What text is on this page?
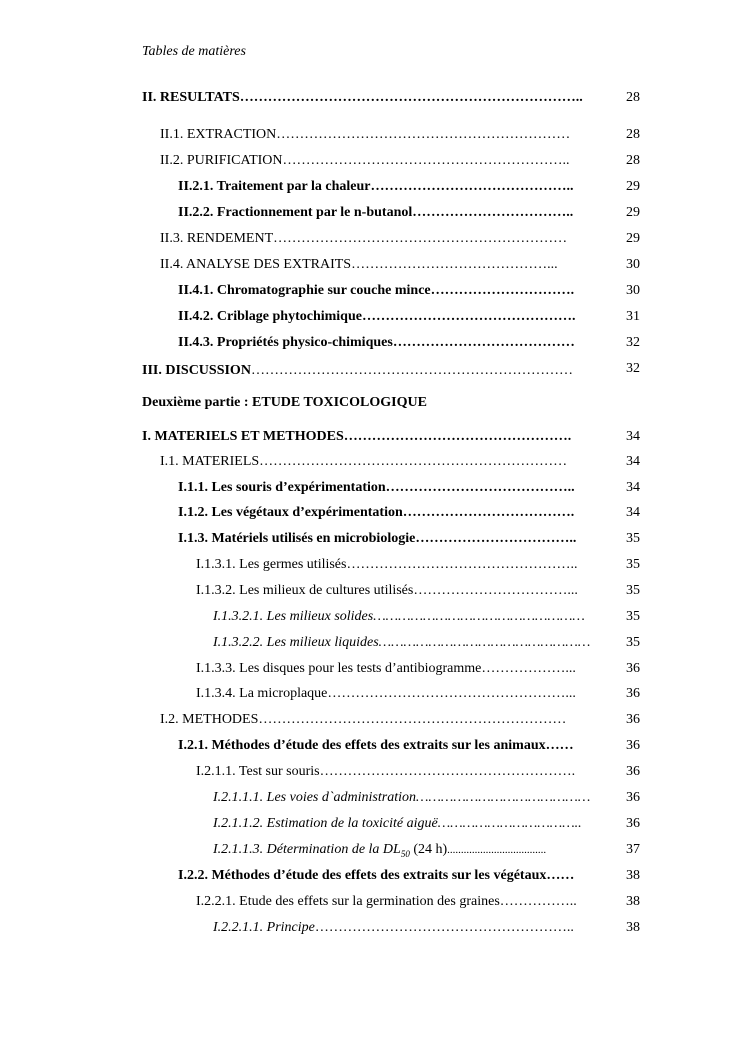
Tables de matières
II. RESULTATS………………………………………………………………..	28
II.1. EXTRACTION………………………………………………………	28
II.2. PURIFICATION……………………………………………………..	28
II.2.1. Traitement par la chaleur……………………………………..	29
II.2.2. Fractionnement par le n-butanol……………………………..	29
II.3. RENDEMENT………………………………………………………	29
II.4. ANALYSE DES EXTRAITS……………………………………...	30
II.4.1. Chromatographie sur couche mince………………………….	30
II.4.2. Criblage phytochimique……………………………………….	31
II.4.3. Propriétés physico-chimiques…………………………………	32
III. DISCUSSION……………………………………………………………	32
Deuxième partie : ETUDE TOXICOLOGIQUE
I. MATERIELS ET METHODES………………………………………….	34
I.1. MATERIELS…………………………………………………………	34
I.1.1. Les souris d’expérimentation…………………………………..	34
I.1.2. Les végétaux d’expérimentation……………………………….	34
I.1.3. Matériels utilisés en microbiologie……………………………..	35
I.1.3.1. Les germes utilisés…………………………………………..	35
I.1.3.2. Les milieux de cultures utilisés……………………………...	35
I.1.3.2.1. Les milieux solides……………………………………………	35
I.1.3.2.2. Les milieux liquides……………………………………………	35
I.1.3.3. Les disques pour les tests d’antibiogramme………………...	36
I.1.3.4. La microplaque……………………………………………...	36
I.2. METHODES…………………………………………………………	36
I.2.1. Méthodes d’étude des effets des extraits sur les animaux……	36
I.2.1.1. Test sur souris……………………………………………….	36
I.2.1.1.1. Les voies d`administration……………………………………	36
I.2.1.1.2. Estimation de la toxicité aiguë……………………………..	36
I.2.1.1.3. Détermination de la $DL_{50}$ (24 h)....................................	37
I.2.2. Méthodes d’étude des effets des extraits sur les végétaux……	38
I.2.2.1. Etude des effets sur la germination des graines……………..	38
I.2.2.1.1. Principe………………………………………………..	38
